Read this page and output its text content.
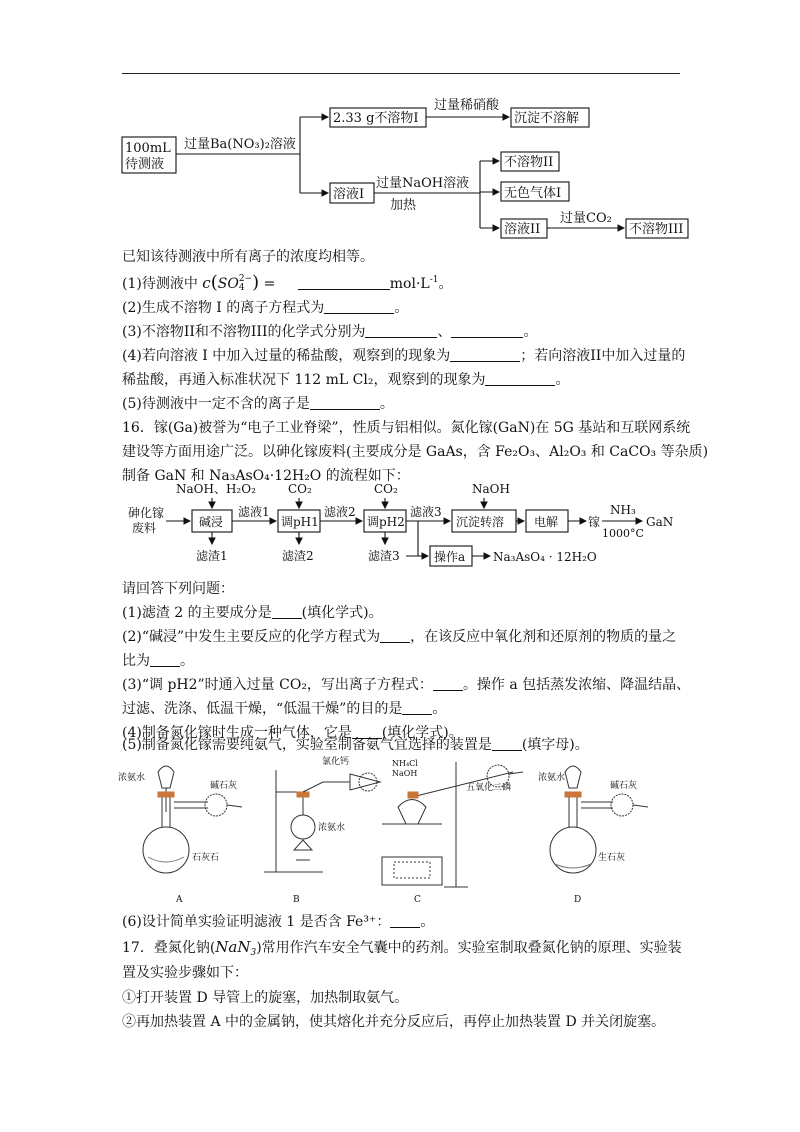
100mL
待测液
过量Ba(NO₃)₂溶液
2.33 g不溶物I
过量稀硝酸
沉淀不溶解
溶液I
过量NaOH溶液
加热
不溶物II
无色气体I
溶液II
过量CO₂
不溶物III
已知该待测液中所有离子的浓度均相等。
(1)待测液中 c(SO 2−
4 ) =	$mol\cdot L^{-1}$。
(2)生成不溶物 I 的离子方程式为	。
(3)不溶物II和不溶物III的化学式分别为	、	。
(4)若向溶液 I 中加入过量的稀盐酸，观察到的现象为	；若向溶液II中加入过量的
稀盐酸，再通入标准状况下 112 mL Cl₂，观察到的现象为	。
(5)待测液中一定不含的离子是	。
16．镓(Ga)被誉为“电子工业脊梁”，性质与铝相似。氮化镓(GaN)在 5G 基站和互联网系统
建设等方面用途广泛。以砷化镓废料(主要成分是 GaAs，含 Fe₂O₃、Al₂O₃ 和 CaCO₃ 等杂质)
制备 GaN 和 Na₃AsO₄·12H₂O 的流程如下：
砷化镓
废料
NaOH、H₂O₂
碱浸
滤液1
滤渣1
CO₂
调pH1
滤液2
滤渣2
CO₂
调pH2
滤液3
滤渣3	操作a Na₃AsO₄ · 12H₂O
NaOH
沉淀转溶 电解 镓
NH₃
1000°C
GaN
请回答下列问题：
(1)滤渣 2 的主要成分是 (填化学式)。
(2)“碱浸”中发生主要反应的化学方程式为 ，在该反应中氧化剂和还原剂的物质的量之
比为 。
(3)“调 pH2”时通入过量 CO₂，写出离子方程式： 。操作 a 包括蒸发浓缩、降温结晶、
过滤、洗涤、低温干燥，“低温干燥”的目的是 。
(4)制备氮化镓时生成一种气体，它是 (填化学式)。
(5)制备氮化镓需要纯氨气，实验室制备氨气宜选择的装置是 (填字母)。
浓氨水
碱石灰
石灰石
A
氯化钙
浓氨水
B
NH₄Cl
NaOH
五氧化二磷
C
浓氨水
碱石灰
生石灰
D
(6)设计简单实验证明滤液 1 是否含 Fe³⁺： 。
17．叠氮化钠(NaN$_3$)常用作汽车安全气囊中的药剂。实验室制取叠氮化钠的原理、实验装
置及实验步骤如下：
①打开装置 D 导管上的旋塞，加热制取氨气。
②再加热装置 A 中的金属钠，使其熔化并充分反应后，再停止加热装置 D 并关闭旋塞。
